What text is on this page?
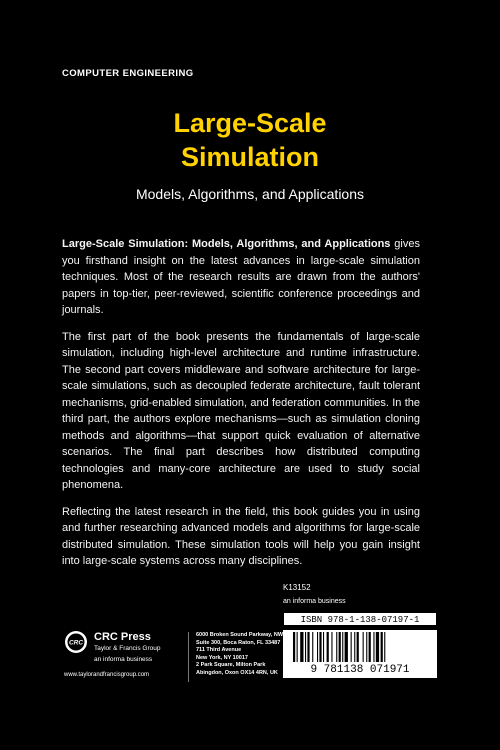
COMPUTER ENGINEERING
Large-Scale
Simulation
Models, Algorithms, and Applications

Large-Scale Simulation: Models, Algorithms, and Applications gives you firsthand insight on the latest advances in large-scale simulation techniques. Most of the research results are drawn from the authors' papers in top-tier, peer-reviewed, scientific conference proceedings and journals.

The first part of the book presents the fundamentals of large-scale simulation, including high-level architecture and runtime infrastructure. The second part covers middleware and software architecture for large-scale simulations, such as decoupled federate architecture, fault tolerant mechanisms, grid-enabled simulation, and federation communities. In the third part, the authors explore mechanisms—such as simulation cloning methods and algorithms—that support quick evaluation of alternative scenarios. The final part describes how distributed computing technologies and many-core architecture are used to study social phenomena.

Reflecting the latest research in the field, this book guides you in using and further researching advanced models and algorithms for large-scale distributed simulation. These simulation tools will help you gain insight into large-scale systems across many disciplines.

K13152
an informa business
ISBN 978-1-138-07197-1
9 781138 071971
CRC CRC Press
Taylor & Francis Group
an informa business
www.taylorandfrancisgroup.com
6000 Broken Sound Parkway, NW
Suite 300, Boca Raton, FL 33487
711 Third Avenue
New York, NY 10017
2 Park Square, Milton Park
Abingdon, Oxon OX14 4RN, UK
